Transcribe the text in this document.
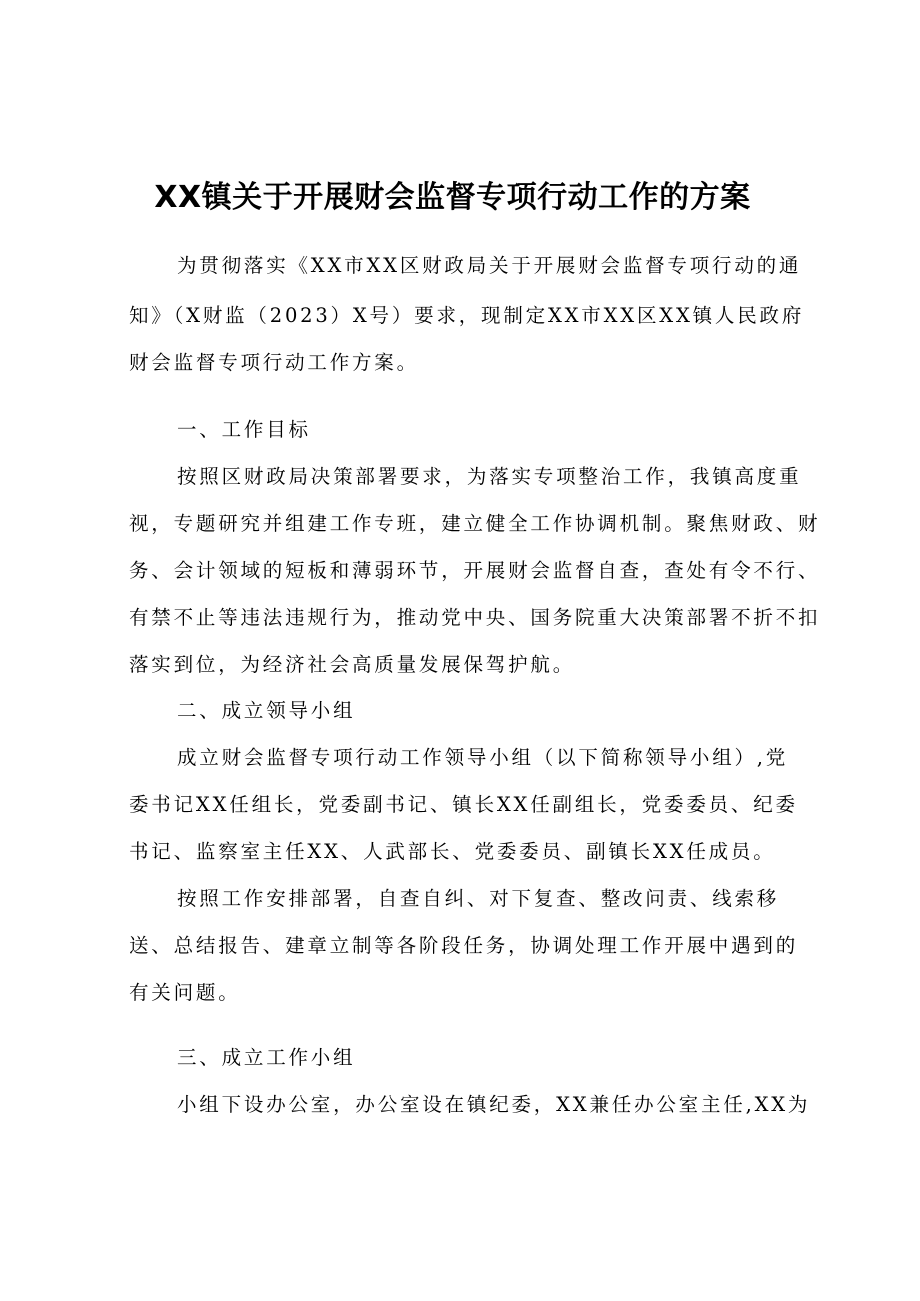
XX镇关于开展财会监督专项行动工作的方案
为贯彻落实《XX市XX区财政局关于开展财会监督专项行动的通
知》（X财监（2023）X号）要求，现制定XX市XX区XX镇人民政府
财会监督专项行动工作方案。
一、工作目标
按照区财政局决策部署要求，为落实专项整治工作，我镇高度重
视，专题研究并组建工作专班，建立健全工作协调机制。聚焦财政、财
务、会计领域的短板和薄弱环节，开展财会监督自查，查处有令不行、
有禁不止等违法违规行为，推动党中央、国务院重大决策部署不折不扣
落实到位，为经济社会高质量发展保驾护航。
二、成立领导小组
成立财会监督专项行动工作领导小组（以下简称领导小组）,党
委书记XX任组长，党委副书记、镇长XX任副组长，党委委员、纪委
书记、监察室主任XX、人武部长、党委委员、副镇长XX任成员。
按照工作安排部署，自查自纠、对下复查、整改问责、线索移
送、总结报告、建章立制等各阶段任务，协调处理工作开展中遇到的
有关问题。
三、成立工作小组
小组下设办公室，办公室设在镇纪委，XX兼任办公室主任,XX为
